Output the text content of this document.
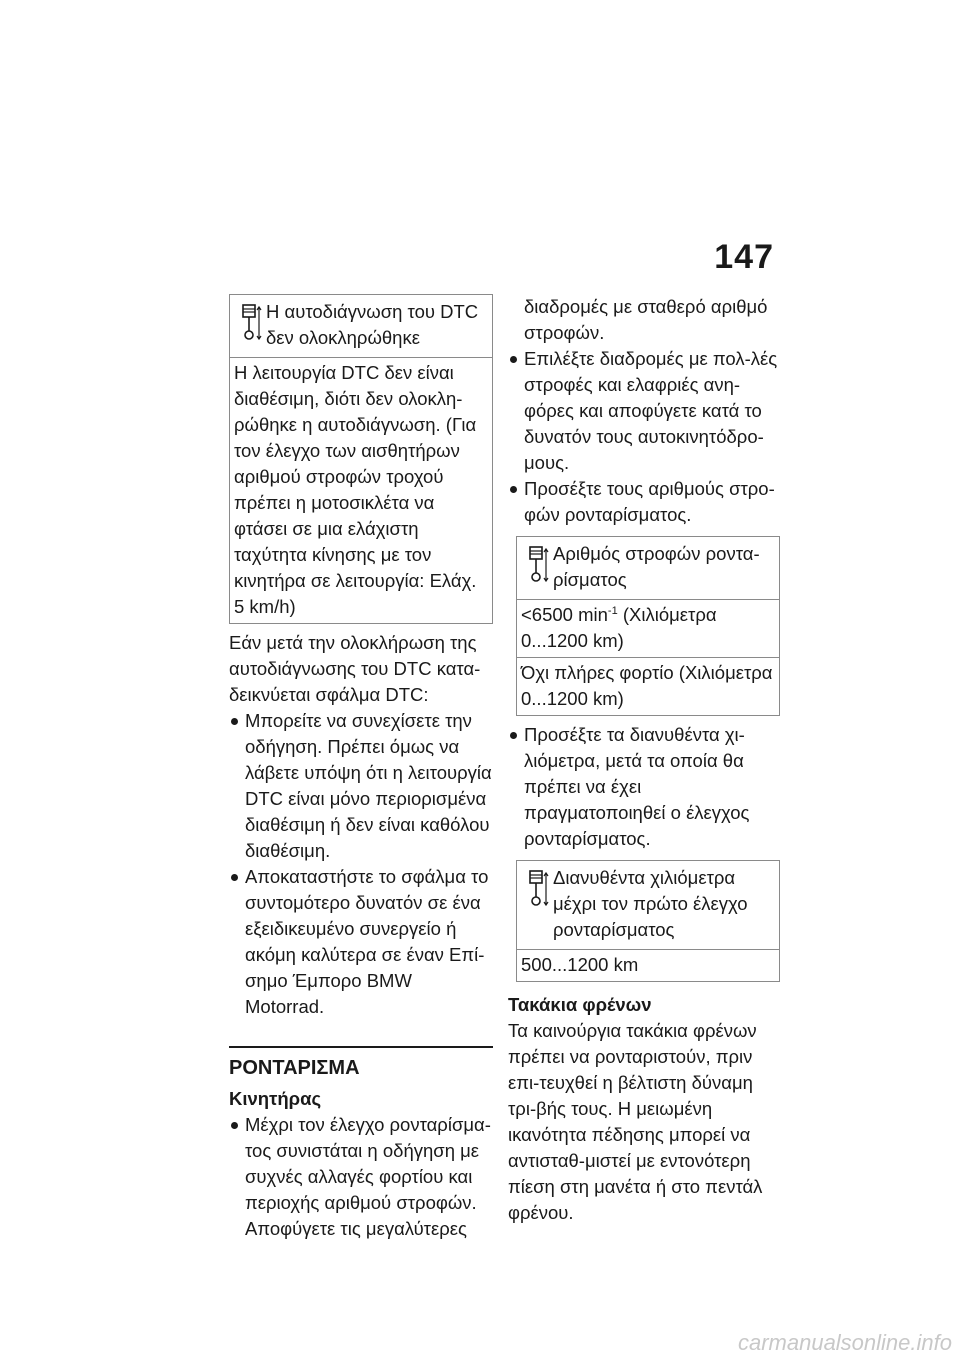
147
Η αυτοδιάγνωση του DTC δεν ολοκληρώθηκε
Η λειτουργία DTC δεν είναι διαθέσιμη, διότι δεν ολοκλη-ρώθηκε η αυτοδιάγνωση. (Για τον έλεγχο των αισθητήρων αριθμού στροφών τροχού πρέπει η μοτοσικλέτα να φτάσει σε μια ελάχιστη ταχύτητα κίνησης με τον κινητήρα σε λειτουργία: Ελάχ. 5 km/h)

Εάν μετά την ολοκλήρωση της αυτοδιάγνωσης του DTC κατα-δεικνύεται σφάλμα DTC:

Μπορείτε να συνεχίσετε την οδήγηση. Πρέπει όμως να λάβετε υπόψη ότι η λειτουργία DTC είναι μόνο περιορισμένα διαθέσιμη ή δεν είναι καθόλου διαθέσιμη.
Αποκαταστήστε το σφάλμα το συντομότερο δυνατόν σε ένα εξειδικευμένο συνεργείο ή ακόμη καλύτερα σε έναν Επί-σημο Έμπορο BMW Motorrad.
ΡΟΝΤΑΡΙΣΜΑ
Κινητήρας
Μέχρι τον έλεγχο ρονταρίσμα-τος συνιστάται η οδήγηση με συχνές αλλαγές φορτίου και περιοχής αριθμού στροφών. Αποφύγετε τις μεγαλύτερες

διαδρομές με σταθερό αριθμό στροφών.

Επιλέξτε διαδρομές με πολ-λές στροφές και ελαφριές ανη-φόρες και αποφύγετε κατά το δυνατόν τους αυτοκινητόδρο-μους.
Προσέξτε τους αριθμούς στρο-φών ρονταρίσματος.
Αριθμός στροφών ροντα-ρίσματος
<6500 $\min^{-1} (X\iota\lambda\iota ό\mu\varepsilon\tau\rho\alpha$ 0...1200 km)
Όχι πλήρες φορτίο (Χιλιόμετρα 0...1200 km)
Προσέξτε τα διανυθέντα χι-λιόμετρα, μετά τα οποία θα πρέπει να έχει πραγματοποιηθεί ο έλεγχος ρονταρίσματος.
Διανυθέντα χιλιόμετρα μέχρι τον πρώτο έλεγχο ρονταρίσματος
500...1200 km
Τακάκια φρένων

Τα καινούργια τακάκια φρένων πρέπει να ρονταριστούν, πριν επι-τευχθεί η βέλτιστη δύναμη τρι-βής τους. Η μειωμένη ικανότητα πέδησης μπορεί να αντισταθ-μιστεί με εντονότερη πίεση στη μανέτα ή στο πεντάλ φρένου.

carmanualsonline.info
